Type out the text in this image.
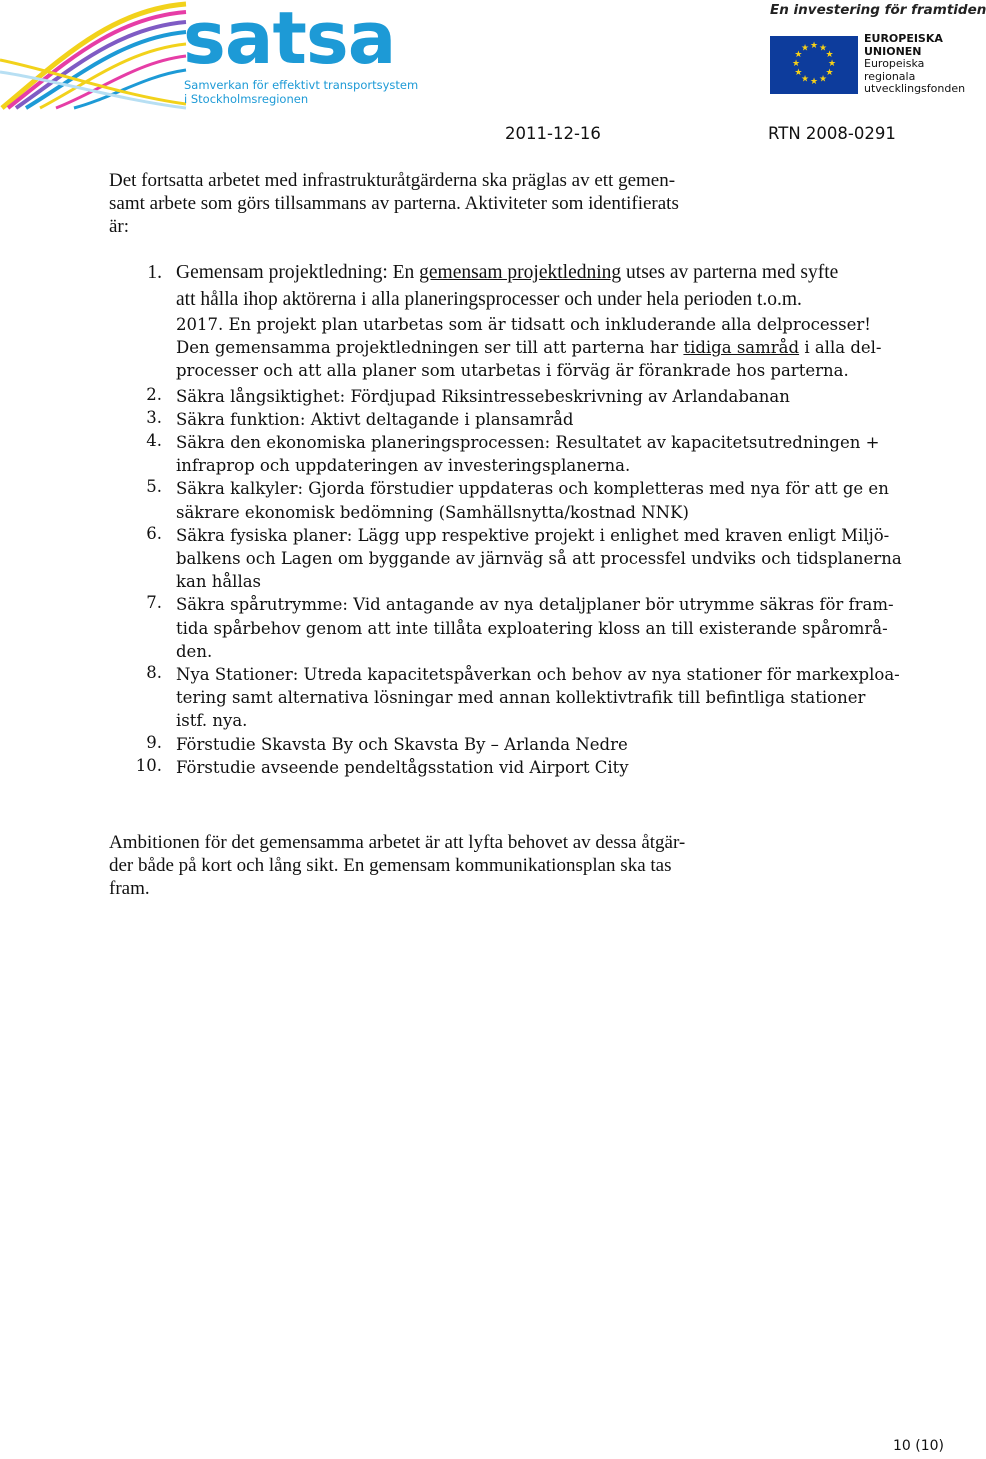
satsa
Samverkan för effektivt transportsystem
i Stockholmsregionen
En investering för framtiden
★ ★
★
★
★
★
★
★
★
★
★
★
EUROPEISKA
UNIONEN
Europeiska
regionala
utvecklingsfonden
2011-12-16	RTN 2008-0291
Det fortsatta arbetet med infrastrukturåtgärderna ska präglas av ett gemen-
samt arbete som görs tillsammans av parterna. Aktiviteter som identifierats
är:
1. Gemensam projektledning: En gemensam projektledning utses av parterna med syfte
att hålla ihop aktörerna i alla planeringsprocesser och under hela perioden t.o.m.
2017. En projekt plan utarbetas som är tidsatt och inkluderande alla delprocesser!
Den gemensamma projektledningen ser till att parterna har tidiga samråd i alla del-
processer och att alla planer som utarbetas i förväg är förankrade hos parterna.
2. Säkra långsiktighet: Fördjupad Riksintressebeskrivning av Arlandabanan
3. Säkra funktion: Aktivt deltagande i plansamråd
4. Säkra den ekonomiska planeringsprocessen: Resultatet av kapacitetsutredningen +
infraprop och uppdateringen av investeringsplanerna.
5. Säkra kalkyler: Gjorda förstudier uppdateras och kompletteras med nya för att ge en
säkrare ekonomisk bedömning (Samhällsnytta/kostnad NNK)
6. Säkra fysiska planer: Lägg upp respektive projekt i enlighet med kraven enligt Miljö-
balkens och Lagen om byggande av järnväg så att processfel undviks och tidsplanerna
kan hållas
7. Säkra spårutrymme: Vid antagande av nya detaljplaner bör utrymme säkras för fram-
tida spårbehov genom att inte tillåta exploatering kloss an till existerande spårområ-
den.
8. Nya Stationer: Utreda kapacitetspåverkan och behov av nya stationer för markexploa-
tering samt alternativa lösningar med annan kollektivtrafik till befintliga stationer
istf. nya.
9. Förstudie Skavsta By och Skavsta By – Arlanda Nedre
10. Förstudie avseende pendeltågsstation vid Airport City
Ambitionen för det gemensamma arbetet är att lyfta behovet av dessa åtgär-
der både på kort och lång sikt. En gemensam kommunikationsplan ska tas
fram.
10 (10)
